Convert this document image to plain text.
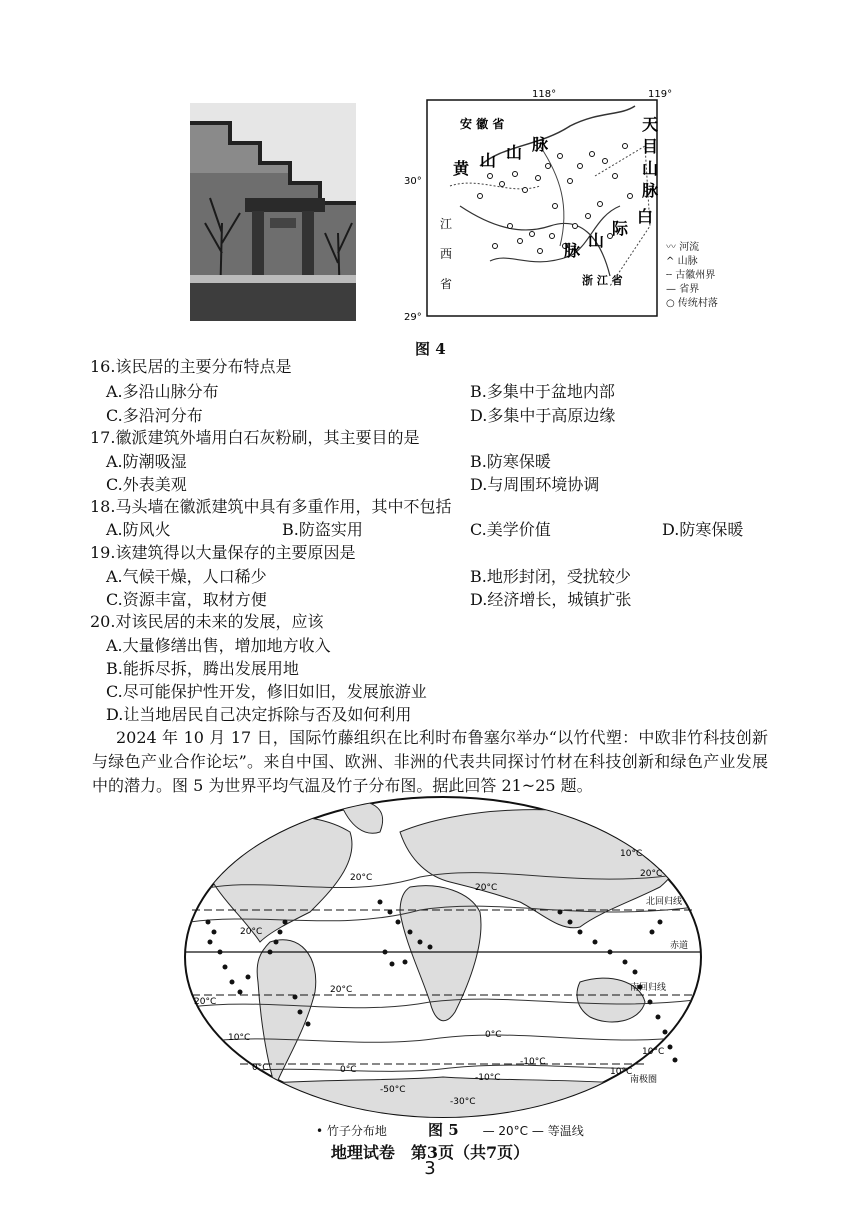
118°	119°
30°
29°
安 徽 省
江
西
省	浙 江 省
黄 山 山 脉
天
目
山
脉
白
际
山
脉	〰 河流
^ 山脉
┄ 古徽州界
— 省界
○ 传统村落
图 4
16.该民居的主要分布特点是
A.多沿山脉分布	B.多集中于盆地内部
C.多沿河分布	D.多集中于高原边缘
17.徽派建筑外墙用白石灰粉刷，其主要目的是
A.防潮吸湿	B.防寒保暖
C.外表美观	D.与周围环境协调
18.马头墙在徽派建筑中具有多重作用，其中不包括
A.防风火	B.防盗实用	C.美学价值	D.防寒保暖
19.该建筑得以大量保存的主要原因是
A.气候干燥，人口稀少	B.地形封闭，受扰较少
C.资源丰富，取材方便	D.经济增长，城镇扩张
20.对该民居的未来的发展，应该
A.大量修缮出售，增加地方收入
B.能拆尽拆，腾出发展用地
C.尽可能保护性开发，修旧如旧，发展旅游业
D.让当地居民自己决定拆除与否及如何利用
2024 年 10 月 17 日，国际竹藤组织在比利时布鲁塞尔举办“以竹代塑：中欧非竹科技创新与绿色产业合作论坛”。来自中国、欧洲、非洲的代表共同探讨竹材在科技创新和绿色产业发展中的潜力。图 5 为世界平均气温及竹子分布图。据此回答 21~25 题。
北回归线
赤道
南回归线
南极圈
20°C
20°C
10°C
20°C
20°C
20°C
20°C
10°C	0°C
0°C	10°C
-10°C
-10°C
0°C
-30°C
-50°C
10°C
• 竹子分布地	— 20°C — 等温线
图 5
地理试卷　第3页（共7页）
3
